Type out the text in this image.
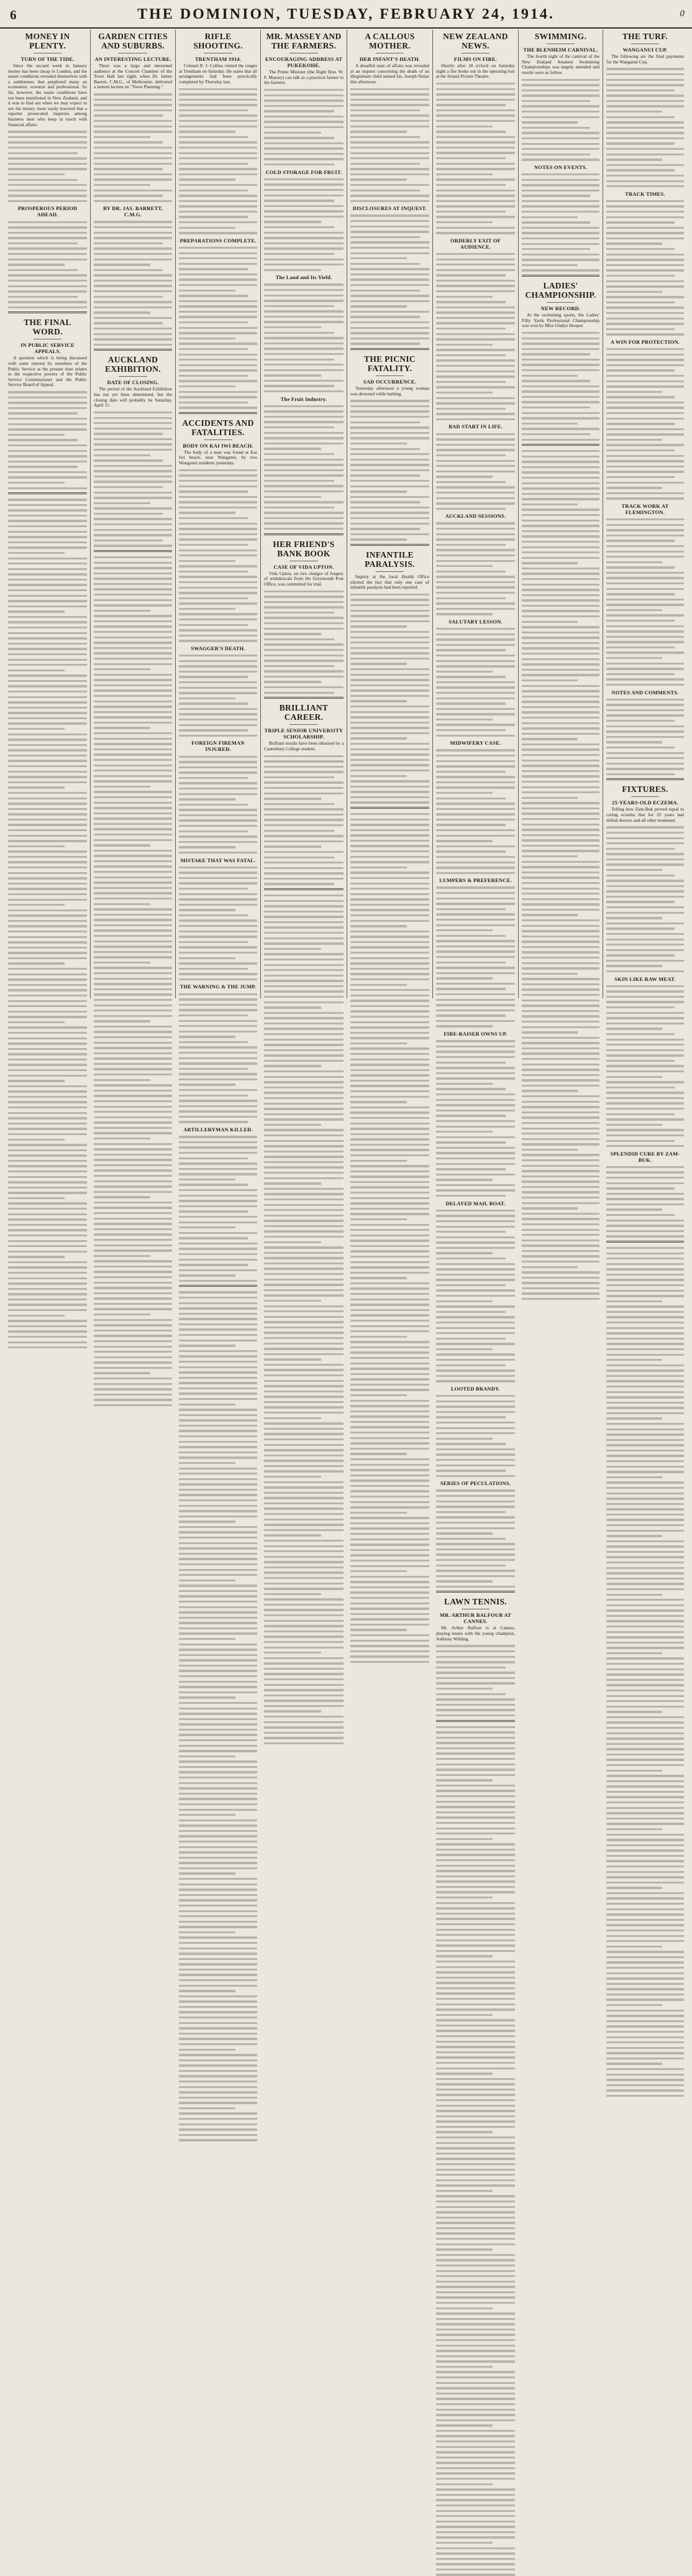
6	THE DOMINION, TUESDAY, FEBRUARY 24, 1914.	0
MONEY IN PLENTY.
TURN OF THE TIDE.

Since the second week in January money has been cheap in London, and the easier conditions revealed themselves with a suddenness that perplexed many an economist, scientist and professional. So far, however, the easier conditions have not been manifested in New Zealand, and it was to find out when we may expect to see the money more easily lowered that a reporter prosecuted inquiries among business men who keep in touch with financial affairs.

PROSPEROUS PERIOD AHEAD.
THE FINAL WORD.
IN PUBLIC SERVICE APPEALS.

A question which is being discussed with some interest by members of the Public Service at the present time relates to the respective powers of the Public Service Commissioner and the Public Service Board of Appeal.

GARDEN CITIES AND SUBURBS.
AN INTERESTING LECTURE.

There was a large and interested audience at the Concert Chamber of the Town Hall last night, when Dr. James Barrett, C.M.G., of Melbourne, delivered a lantern lecture on "Town Planning."

BY DR. JAS. BARRETT, C.M.G.
AUCKLAND EXHIBITION.
DATE OF CLOSING.

The period of the Auckland Exhibition has not yet been determined, but the closing date will probably be Saturday, April 11.

RIFLE SHOOTING.
TRENTHAM 1914.

Colonel R. J. Collins visited the ranges at Trentham on Saturday. He states that all arrangements had been practically completed by Thursday last.

PREPARATIONS COMPLETE.
ACCIDENTS AND FATALITIES.
BODY ON KAI IWI BEACH.

The body of a man was found at Kai Iwi beach, near Wanganui, by two Wanganui residents yesterday.

SWAGGER'S DEATH.
FOREIGN FIREMAN INJURED.
MISTAKE THAT WAS FATAL.
THE WARNING & THE JUMP.
ARTILLERYMAN KILLED.
MR. MASSEY AND THE FARMERS.
ENCOURAGING ADDRESS AT PUKEKOHE.

The Prime Minister (the Right Hon. W. F. Massey) can talk as a practical farmer to the farmers.

COLD STORAGE FOR FRUIT.
The Land and Its Yield.
The Fruit Industry.
HER FRIEND'S BANK BOOK
CASE OF VIDA UPTON.

Vida Upton, on two charges of forgery of withdrawals from the Greymouth Post Office, was committed for trial.

BRILLIANT CAREER.
TRIPLE SENIOR UNIVERSITY SCHOLARSHIP.

Brilliant results have been obtained by a Canterbury College student.

A CALLOUS MOTHER.
HER INFANT'S DEATH.

A dreadful state of affairs was revealed at an inquest concerning the death of an illegitimate child named Jas. Joseph Nolan this afternoon.

DISCLOSURES AT INQUEST.
THE PICNIC FATALITY.
SAD OCCURRENCE.

Yesterday afternoon a young woman was drowned while bathing.

INFANTILE PARALYSIS.

Inquiry at the local Health Office elicited the fact that only one case of infantile paralysis had been reported.

NEW ZEALAND NEWS.
FILMS ON FIRE.

Shortly after 10 o'clock on Saturday night a fire broke out in the operating box at the Strand Picture Theatre.

ORDERLY EXIT OF AUDIENCE.
BAD START IN LIFE.
AUCKLAND SESSIONS.
SALUTARY LESSON.
MIDWIFERY CASE.
LUMPERS & PREFERENCE.
FIRE-RAISER OWNS UP.
DELAYED MAIL BOAT.
LOOTED BRANDY.
SERIES OF PECULATIONS.
LAWN TENNIS.
MR. ARTHUR BALFOUR AT CANNES.

Mr. Arthur Balfour is at Cannes, playing tennis with the young champion, Anthony Wilding.

SWIMMING.
THE BLENHEIM CARNIVAL.

The fourth night of the carnival of the New Zealand Amateur Swimming Championships was largely attended and results were as follow.

NOTES ON EVENTS.
LADIES' CHAMPIONSHIP.
NEW RECORD.

At the swimming sports, the Ladies' Fifty Yards Professional Championship was won by Miss Gladys Hooper.

THE TURF.
WANGANUI CUP.

The following are the final payments for the Wanganui Cup.

TRACK TIMES.
A WIN FOR PROTECTION.
TRACK WORK AT FLEMINGTON.
NOTES AND COMMENTS.
FIXTURES.
25-YEARS-OLD ECZEMA.

Telling how Zam-Buk proved equal to curing eczema that for 25 years had defied doctors and all other treatment.

SKIN LIKE RAW MEAT.
SPLENDID CURE BY ZAM-BUK.
